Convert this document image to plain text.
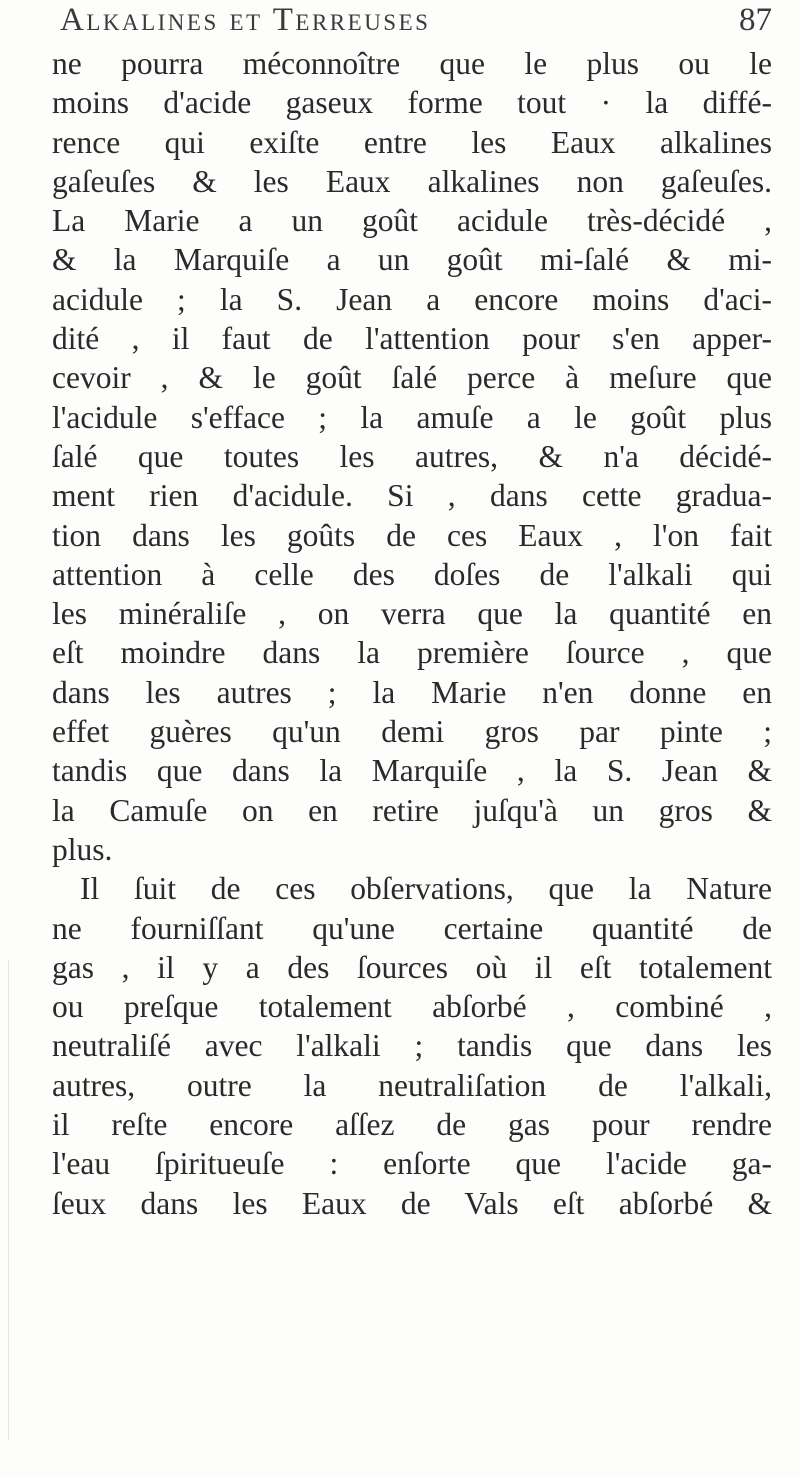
Alkalines et Terreuses	87
ne pourra méconnoître que le plus ou le
moins d'acide gaseux forme tout · la diffé-
rence qui exiſte entre les Eaux alkalines
gaſeuſes & les Eaux alkalines non gaſeuſes.
La Marie a un goût acidule très-décidé ,
& la Marquiſe a un goût mi-ſalé & mi-
acidule ; la S. Jean a encore moins d'aci-
dité , il faut de l'attention pour s'en apper-
cevoir , & le goût ſalé perce à meſure que
l'acidule s'efface ; la amuſe a le goût plus
ſalé que toutes les autres, & n'a décidé-
ment rien d'acidule. Si , dans cette gradua-
tion dans les goûts de ces Eaux , l'on fait
attention à celle des doſes de l'alkali qui
les minéraliſe , on verra que la quantité en
eſt moindre dans la première ſource , que
dans les autres ; la Marie n'en donne en
effet guères qu'un demi gros par pinte ;
tandis que dans la Marquiſe , la S. Jean &
la Camuſe on en retire juſqu'à un gros &
plus.
Il ſuit de ces obſervations, que la Nature
ne fourniſſant qu'une certaine quantité de
gas , il y a des ſources où il eſt totalement
ou preſque totalement abſorbé , combiné ,
neutraliſé avec l'alkali ; tandis que dans les
autres, outre la neutraliſation de l'alkali,
il reſte encore aſſez de gas pour rendre
l'eau ſpiritueuſe : enſorte que l'acide ga-
ſeux dans les Eaux de Vals eſt abſorbé &
